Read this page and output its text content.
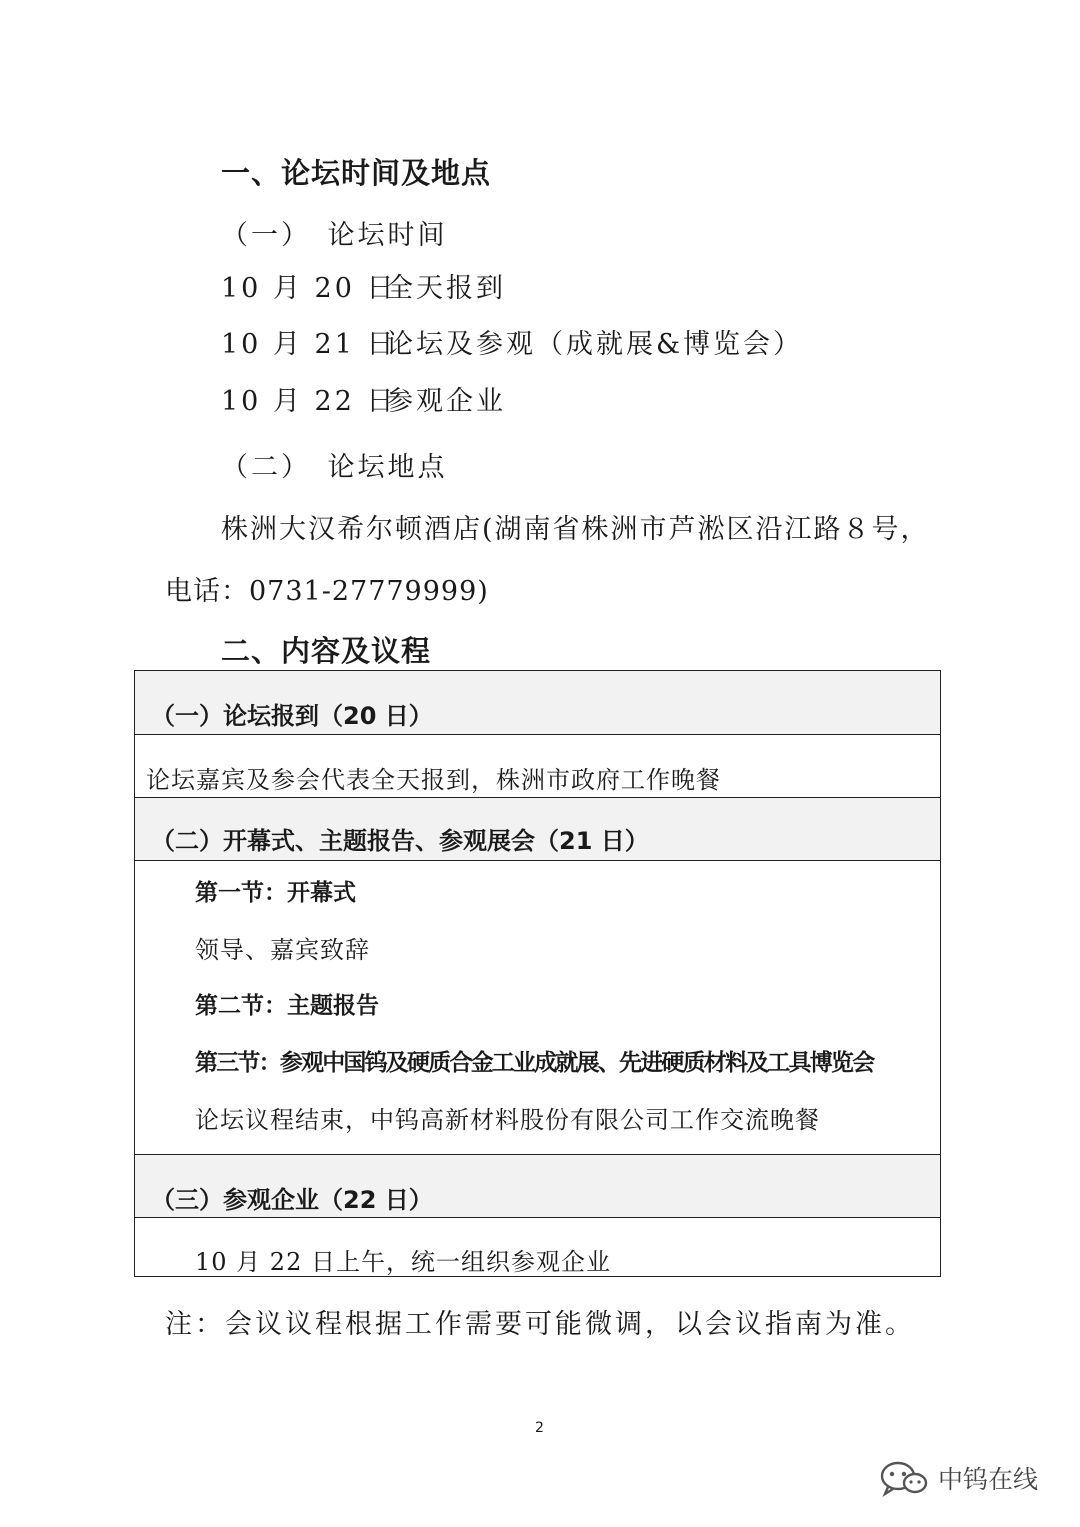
一、论坛时间及地点
（一）　论坛时间
10 月 20 日全天报到
10 月 21 日论坛及参观（成就展&博览会）
10 月 22 日参观企业
（二）　论坛地点
株洲大汉希尔顿酒店(湖南省株洲市芦淞区沿江路８号，
电话：0731-27779999)
二、内容及议程
（一）论坛报到（20 日）
论坛嘉宾及参会代表全天报到，株洲市政府工作晚餐
（二）开幕式、主题报告、参观展会（21 日）
第一节：开幕式
领导、嘉宾致辞
第二节：主题报告
第三节：参观中国钨及硬质合金工业成就展、先进硬质材料及工具博览会
论坛议程结束，中钨高新材料股份有限公司工作交流晚餐
（三）参观企业（22 日）
10 月 22 日上午，统一组织参观企业
注：会议议程根据工作需要可能微调，以会议指南为准。
2
中钨在线
